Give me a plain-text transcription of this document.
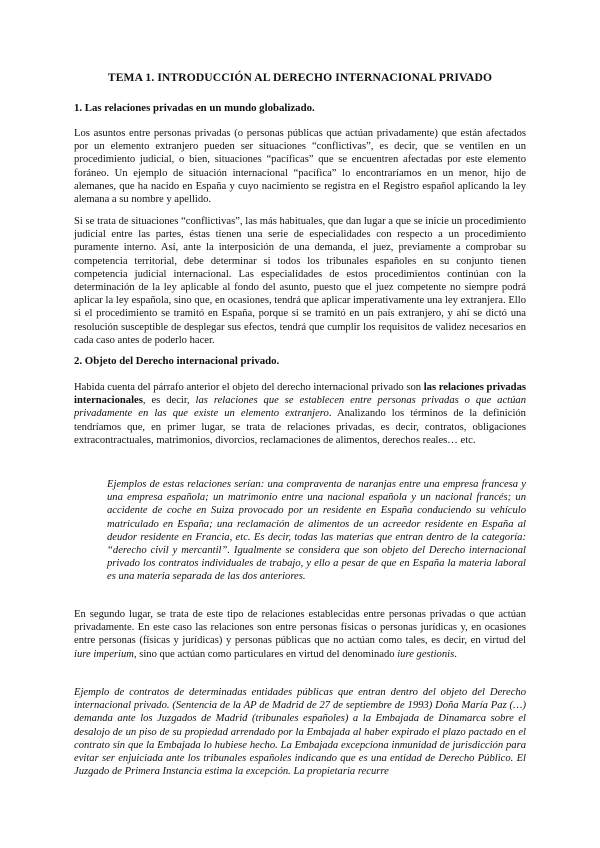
TEMA 1. INTRODUCCIÓN AL DERECHO INTERNACIONAL PRIVADO
1. Las relaciones privadas en un mundo globalizado.
Los asuntos entre personas privadas (o personas públicas que actúan privadamente) que están afectados por un elemento extranjero pueden ser situaciones “conflictivas”, es decir, que se ventilen en un procedimiento judicial, o bien, situaciones “pacíficas” que se encuentren afectadas por este elemento foráneo. Un ejemplo de situación internacional “pacífica” lo encontraríamos en un menor, hijo de alemanes, que ha nacido en España y cuyo nacimiento se registra en el Registro español aplicando la ley alemana a su nombre y apellido.
Si se trata de situaciones “conflictivas”, las más habituales, que dan lugar a que se inicie un procedimiento judicial entre las partes, éstas tienen una serie de especialidades con respecto a un procedimiento puramente interno. Así, ante la interposición de una demanda, el juez, previamente a comprobar su competencia territorial, debe determinar si todos los tribunales españoles en su conjunto tienen competencia judicial internacional. Las especialidades de estos procedimientos continúan con la determinación de la ley aplicable al fondo del asunto, puesto que el juez competente no siempre podrá aplicar la ley española, sino que, en ocasiones, tendrá que aplicar imperativamente una ley extranjera. Ello si el procedimiento se tramitó en España, porque si se tramitó en un país extranjero, y ahí se dictó una resolución susceptible de desplegar sus efectos, tendrá que cumplir los requisitos de validez necesarios en cada caso antes de poderlo hacer.
2. Objeto del Derecho internacional privado.
Habida cuenta del párrafo anterior el objeto del derecho internacional privado son las relaciones privadas internacionales, es decir, las relaciones que se establecen entre personas privadas o que actúan privadamente en las que existe un elemento extranjero. Analizando los términos de la definición tendríamos que, en primer lugar, se trata de relaciones privadas, es decir, contratos, obligaciones extracontractuales, matrimonios, divorcios, reclamaciones de alimentos, derechos reales… etc.
Ejemplos de estas relaciones serían: una compraventa de naranjas entre una empresa francesa y una empresa española; un matrimonio entre una nacional española y un nacional francés; un accidente de coche en Suiza provocado por un residente en España conduciendo su vehículo matriculado en España; una reclamación de alimentos de un acreedor residente en España al deudor residente en Francia, etc. Es decir, todas las materias que entran dentro de la categoría: “derecho civil y mercantil”. Igualmente se considera que son objeto del Derecho internacional privado los contratos individuales de trabajo, y ello a pesar de que en España la materia laboral es una materia separada de las dos anteriores.
En segundo lugar, se trata de este tipo de relaciones establecidas entre personas privadas o que actúan privadamente. En este caso las relaciones son entre personas físicas o personas jurídicas y, en ocasiones entre personas (físicas y jurídicas) y personas públicas que no actúan como tales, es decir, en virtud del iure imperium, sino que actúan como particulares en virtud del denominado iure gestionis.
Ejemplo de contratos de determinadas entidades públicas que entran dentro del objeto del Derecho internacional privado. (Sentencia de la AP de Madrid de 27 de septiembre de 1993) Doña María Paz (…) demanda ante los Juzgados de Madrid (tribunales españoles) a la Embajada de Dinamarca sobre el desalojo de un piso de su propiedad arrendado por la Embajada al haber expirado el plazo pactado en el contrato sin que la Embajada lo hubiese hecho. La Embajada excepciona inmunidad de jurisdicción para evitar ser enjuiciada ante los tribunales españoles indicando que es una entidad de Derecho Público. El Juzgado de Primera Instancia estima la excepción. La propietaria recurre
